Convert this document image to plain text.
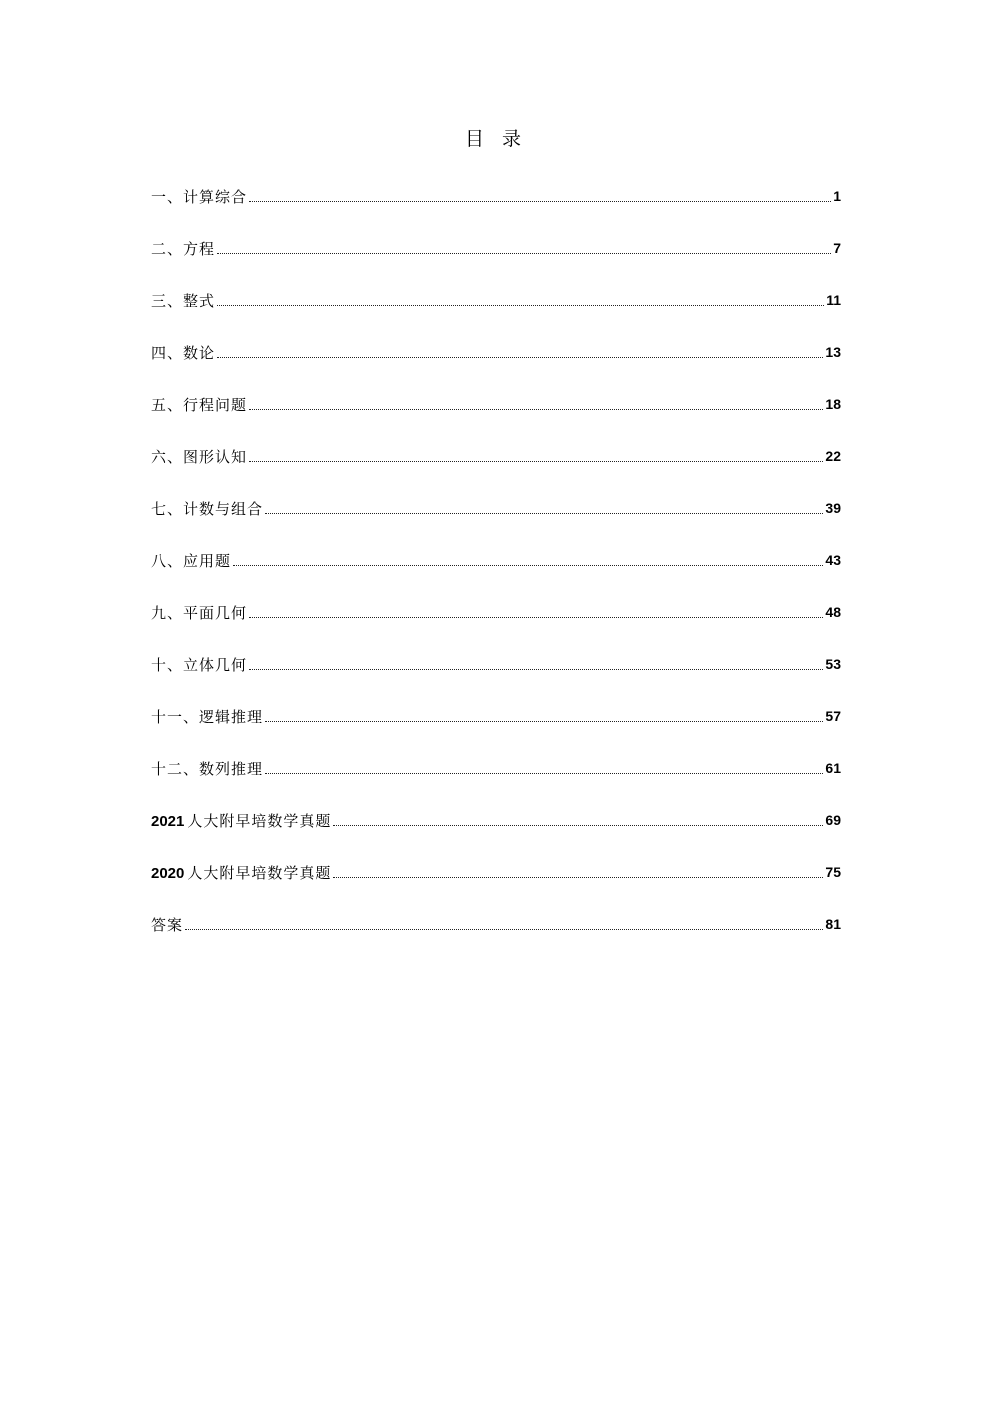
目 录
一、计算综合	1
二、方程	7
三、整式	11
四、数论	13
五、行程问题	18
六、图形认知	22
七、计数与组合	39
八、应用题	43
九、平面几何	48
十、立体几何	53
十一、逻辑推理	57
十二、数列推理	61
2021 人大附早培数学真题	69
2020 人大附早培数学真题	75
答案	81
